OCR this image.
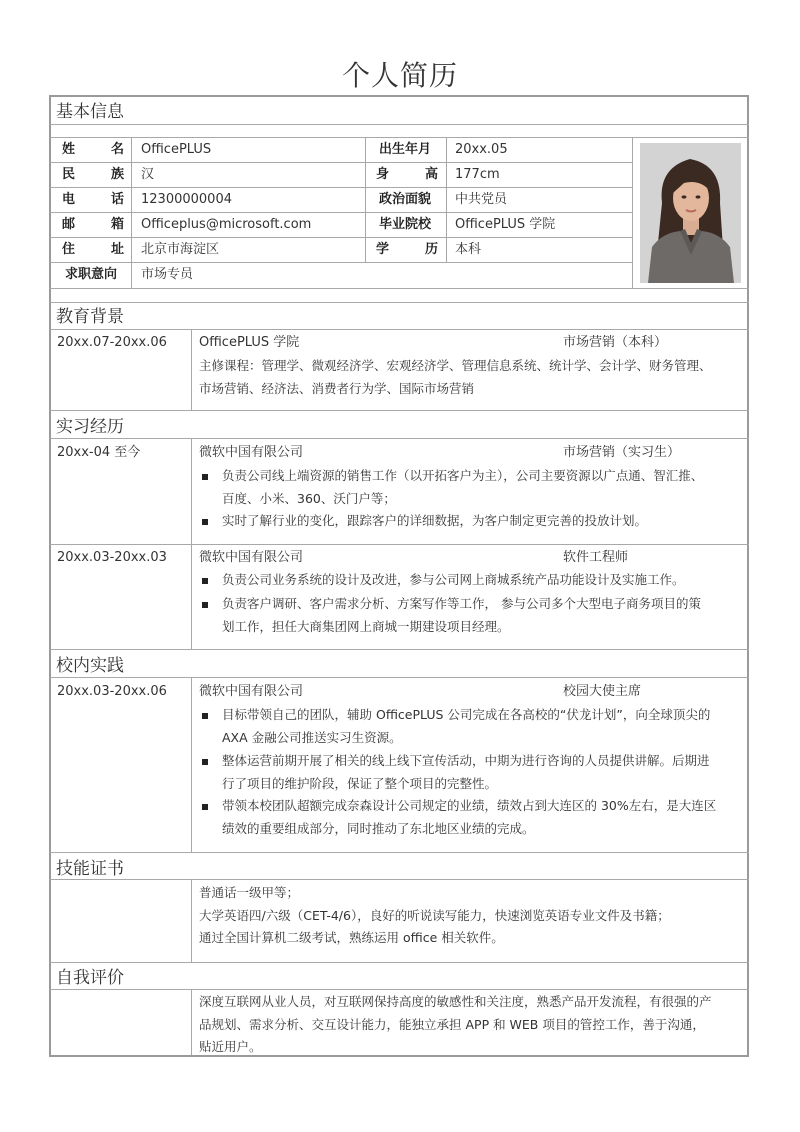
个人简历
基本信息
姓名 OfficePLUS	出生年月	20xx.05
民族 汉	身高 177cm
电话 12300000004	政治面貌	中共党员
邮箱 Officeplus@microsoft.com	毕业院校	OfficePLUS 学院
住址 北京市海淀区	学历 本科
求职意向	市场专员
教育背景
20xx.07-20xx.06 OfficePLUS 学院	市场营销（本科）
主修课程：管理学、微观经济学、宏观经济学、管理信息系统、统计学、会计学、财务管理、
市场营销、经济法、消费者行为学、国际市场营销
实习经历
20xx-04 至今	微软中国有限公司	市场营销（实习生）
负责公司线上端资源的销售工作（以开拓客户为主），公司主要资源以广点通、智汇推、
百度、小米、360、沃门户等；
实时了解行业的变化，跟踪客户的详细数据，为客户制定更完善的投放计划。
20xx.03-20xx.03 微软中国有限公司	软件工程师
负责公司业务系统的设计及改进，参与公司网上商城系统产品功能设计及实施工作。
负责客户调研、客户需求分析、方案写作等工作， 参与公司多个大型电子商务项目的策
划工作，担任大商集团网上商城一期建设项目经理。
校内实践
20xx.03-20xx.06 微软中国有限公司	校园大使主席
目标带领自己的团队，辅助 OfficePLUS 公司完成在各高校的“伏龙计划”，向全球顶尖的
AXA 金融公司推送实习生资源。
整体运营前期开展了相关的线上线下宣传活动，中期为进行咨询的人员提供讲解。后期进
行了项目的维护阶段，保证了整个项目的完整性。
带领本校团队超额完成奈森设计公司规定的业绩，绩效占到大连区的 30%左右，是大连区
绩效的重要组成部分，同时推动了东北地区业绩的完成。
技能证书
普通话一级甲等；
大学英语四/六级（CET-4/6），良好的听说读写能力，快速浏览英语专业文件及书籍；
通过全国计算机二级考试，熟练运用 office 相关软件。
自我评价
深度互联网从业人员，对互联网保持高度的敏感性和关注度，熟悉产品开发流程，有很强的产
品规划、需求分析、交互设计能力，能独立承担 APP 和 WEB 项目的管控工作，善于沟通，
贴近用户。
